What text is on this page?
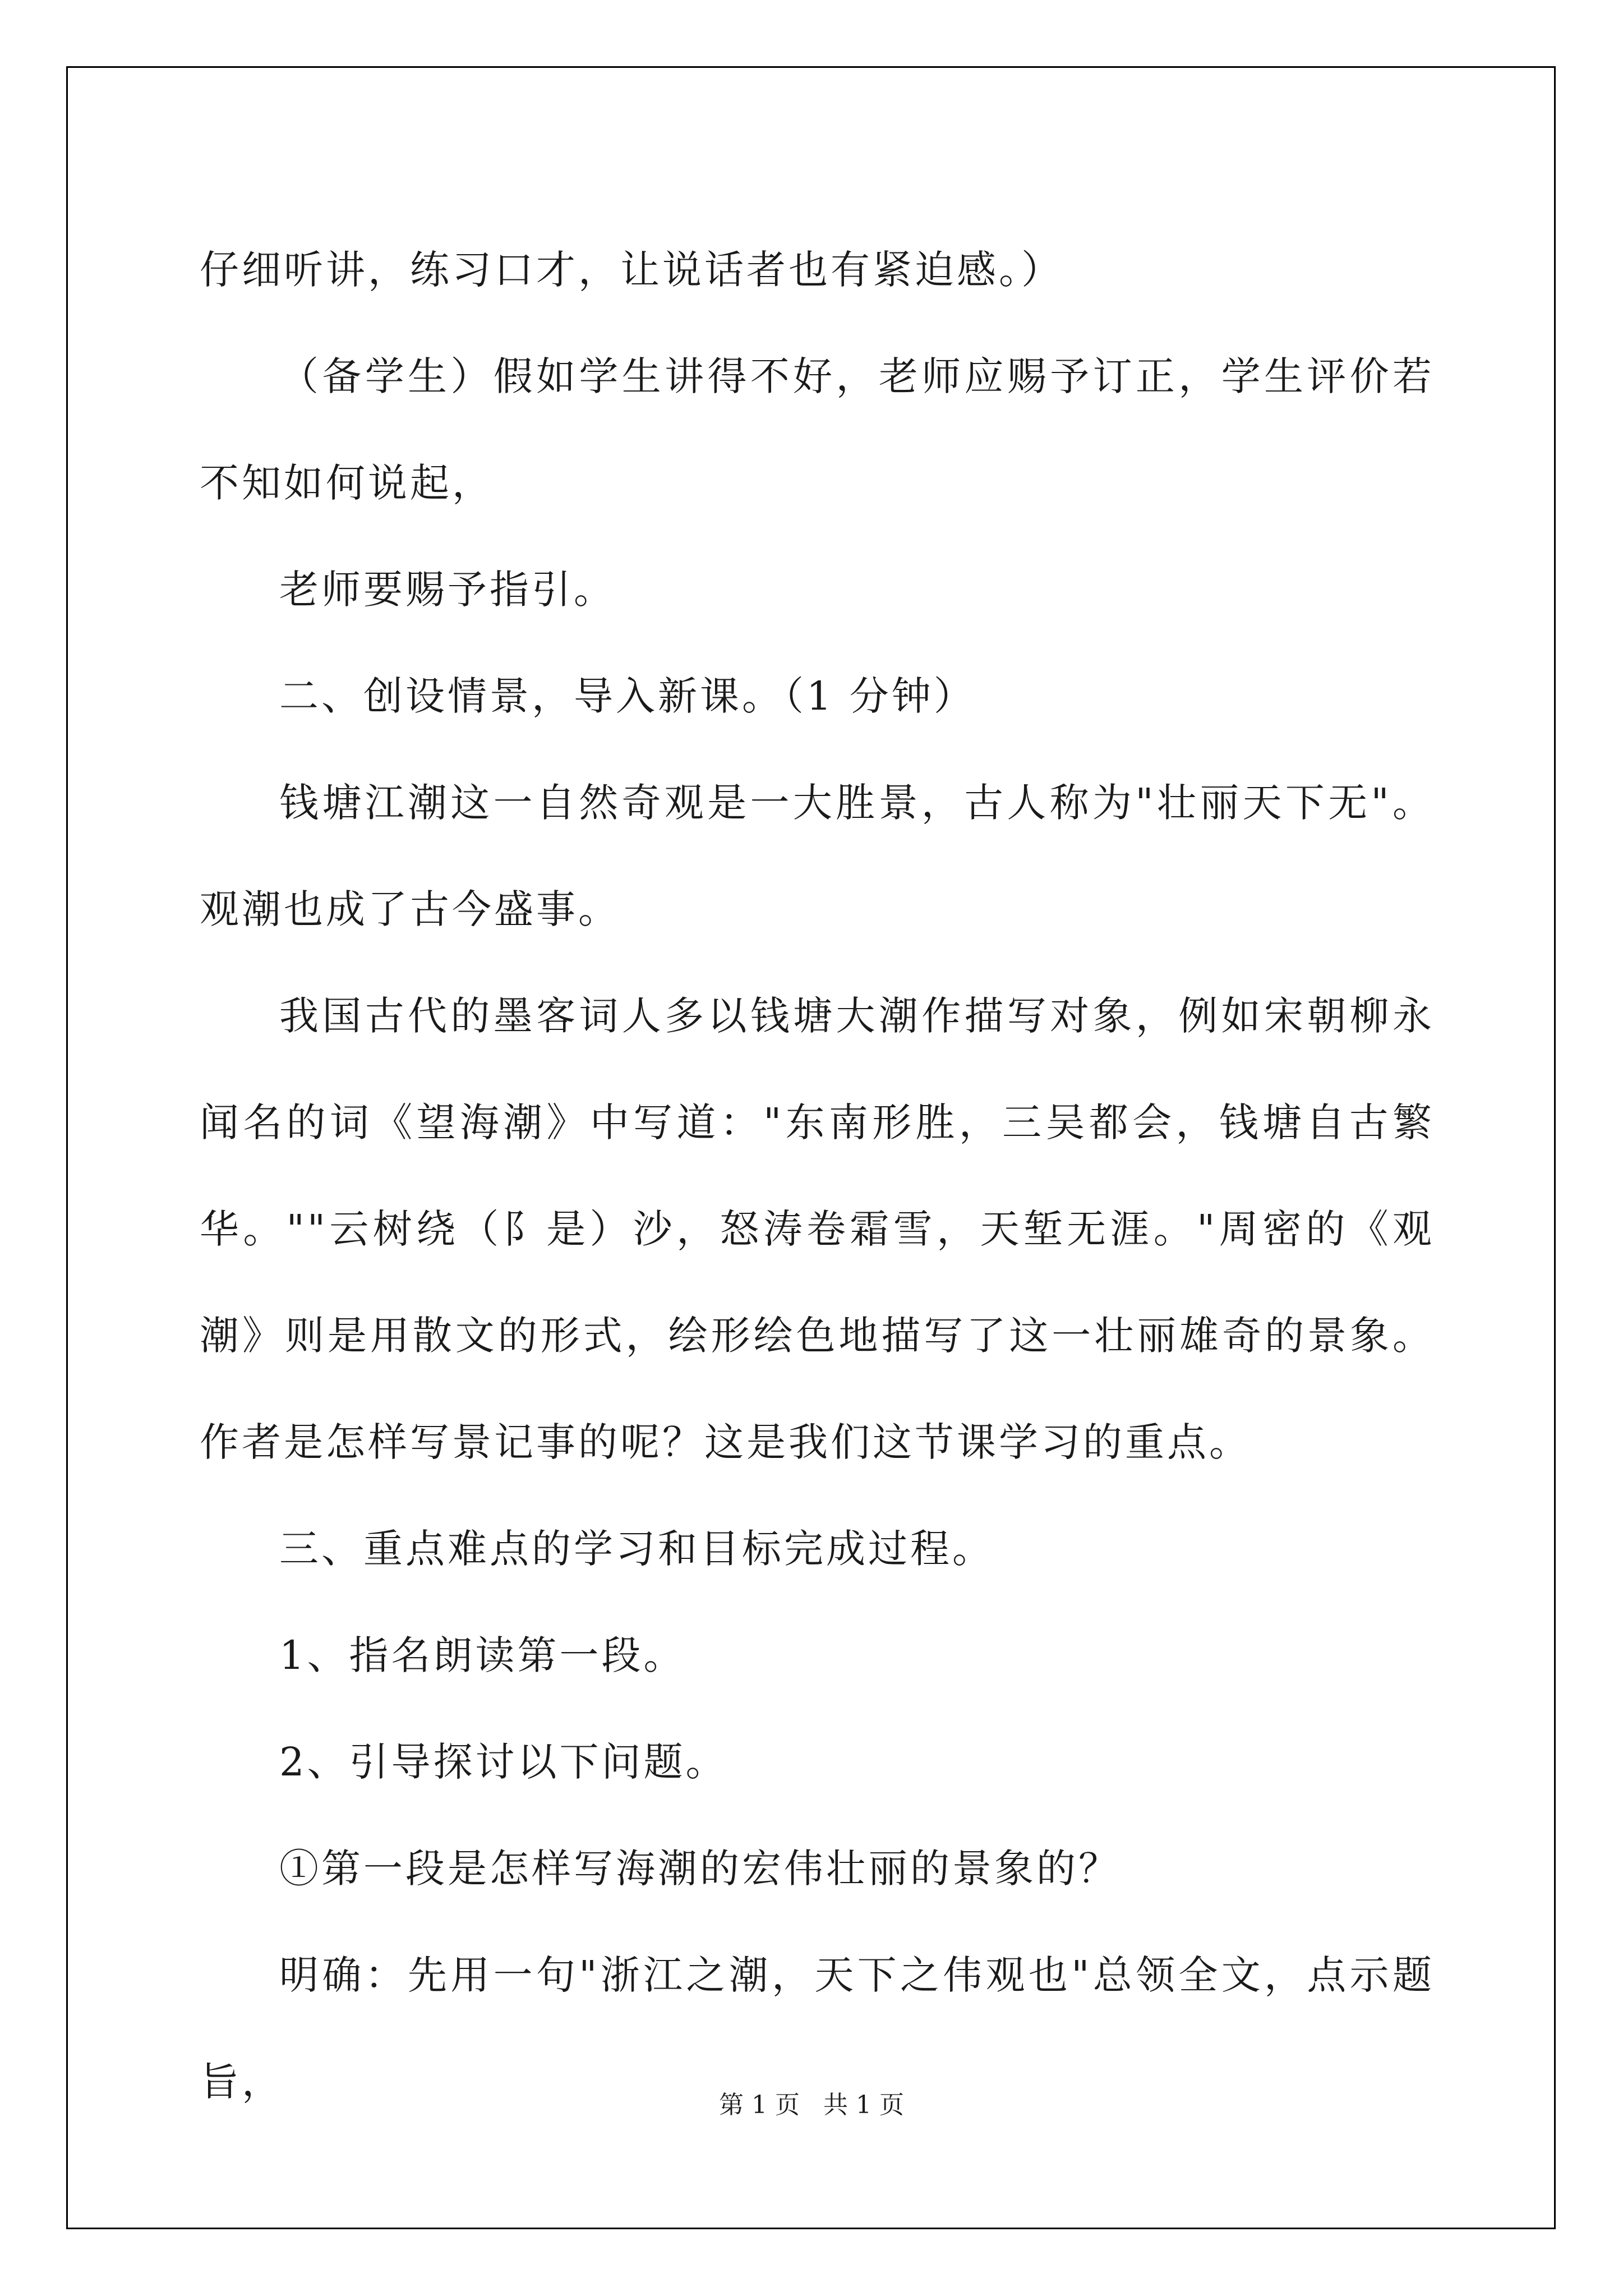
仔细听讲，练习口才，让说话者也有紧迫感。）

（备学生）假如学生讲得不好，老师应赐予订正，学生评价若不知如何说起，

老师要赐予指引。

二、创设情景，导入新课。（1 分钟）

钱塘江潮这一自然奇观是一大胜景，古人称为"壮丽天下无"。观潮也成了古今盛事。

我国古代的墨客词人多以钱塘大潮作描写对象，例如宋朝柳永闻名的词《望海潮》中写道："东南形胜，三吴都会，钱塘自古繁华。""云树绕（阝是）沙，怒涛卷霜雪，天堑无涯。"周密的《观潮》则是用散文的形式，绘形绘色地描写了这一壮丽雄奇的景象。作者是怎样写景记事的呢？这是我们这节课学习的重点。

三、重点难点的学习和目标完成过程。

1、指名朗读第一段。

2、引导探讨以下问题。

①第一段是怎样写海潮的宏伟壮丽的景象的？

明确：先用一句"浙江之潮，天下之伟观也"总领全文，点示题旨，

第 1 页 共 1 页
